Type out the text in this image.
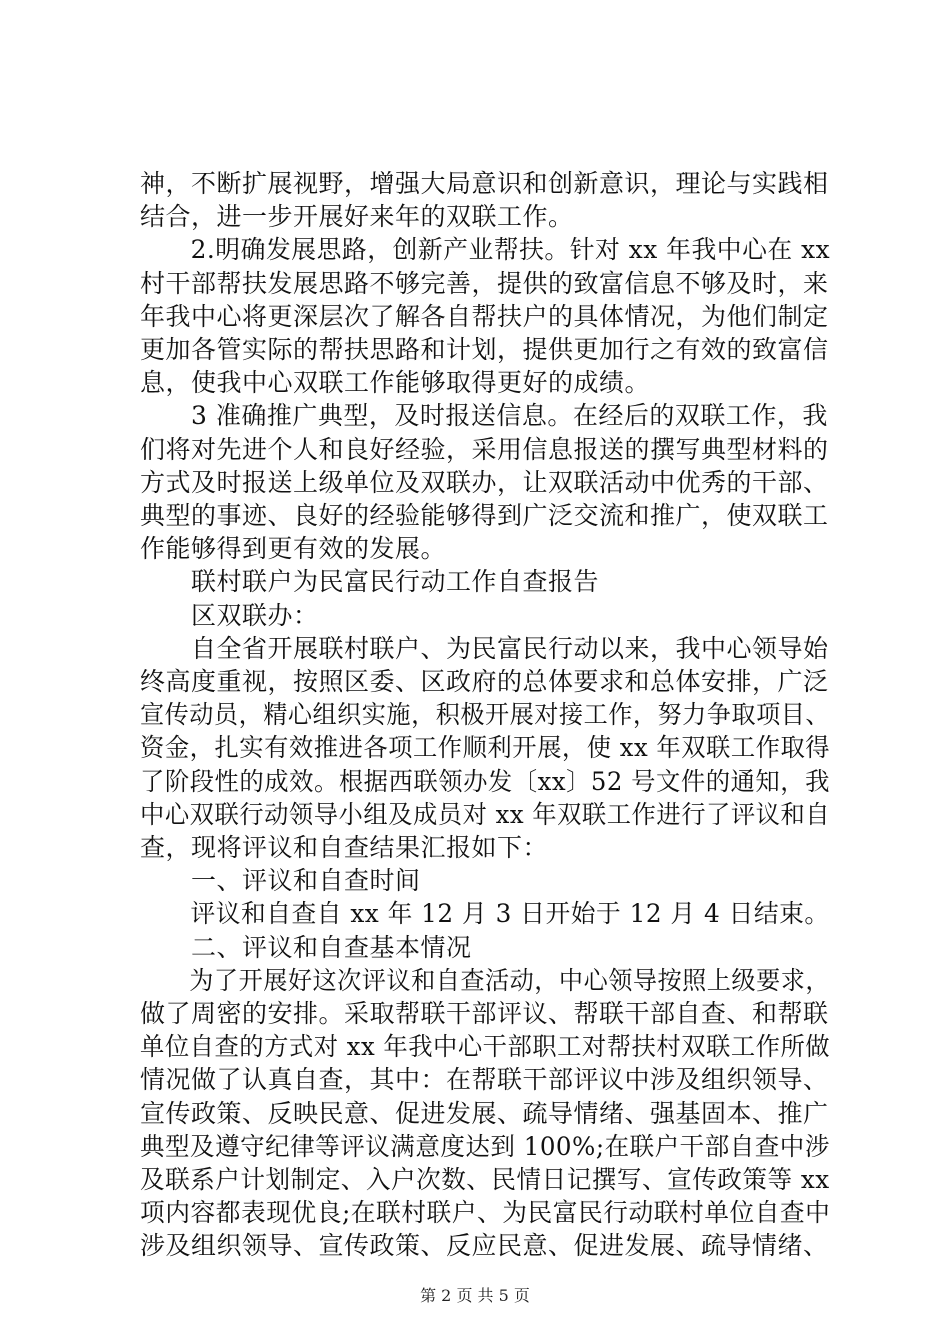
神，不断扩展视野，增强大局意识和创新意识，理论与实践相
结合，进一步开展好来年的双联工作。
　　2.明确发展思路，创新产业帮扶。针对 xx 年我中心在 xx
村干部帮扶发展思路不够完善，提供的致富信息不够及时，来
年我中心将更深层次了解各自帮扶户的具体情况，为他们制定
更加各管实际的帮扶思路和计划，提供更加行之有效的致富信
息，使我中心双联工作能够取得更好的成绩。
　　3 准确推广典型，及时报送信息。在经后的双联工作，我
们将对先进个人和良好经验，采用信息报送的撰写典型材料的
方式及时报送上级单位及双联办，让双联活动中优秀的干部、
典型的事迹、良好的经验能够得到广泛交流和推广，使双联工
作能够得到更有效的发展。
　　联村联户为民富民行动工作自查报告
　　区双联办：
　　自全省开展联村联户、为民富民行动以来，我中心领导始
终高度重视，按照区委、区政府的总体要求和总体安排，广泛
宣传动员，精心组织实施，积极开展对接工作，努力争取项目、
资金，扎实有效推进各项工作顺利开展，使 xx 年双联工作取得
了阶段性的成效。根据西联领办发〔xx〕52 号文件的通知，我
中心双联行动领导小组及成员对 xx 年双联工作进行了评议和自
查，现将评议和自查结果汇报如下：
　　一、评议和自查时间
　　评议和自查自 xx 年 12 月 3 日开始于 12 月 4 日结束。
　　二、评议和自查基本情况
　　为了开展好这次评议和自查活动，中心领导按照上级要求，
做了周密的安排。采取帮联干部评议、帮联干部自查、和帮联
单位自查的方式对 xx 年我中心干部职工对帮扶村双联工作所做
情况做了认真自查，其中：在帮联干部评议中涉及组织领导、
宣传政策、反映民意、促进发展、疏导情绪、强基固本、推广
典型及遵守纪律等评议满意度达到 100%;在联户干部自查中涉
及联系户计划制定、入户次数、民情日记撰写、宣传政策等 xx
项内容都表现优良;在联村联户、为民富民行动联村单位自查中
涉及组织领导、宣传政策、反应民意、促进发展、疏导情绪、
第 2 页 共 5 页
